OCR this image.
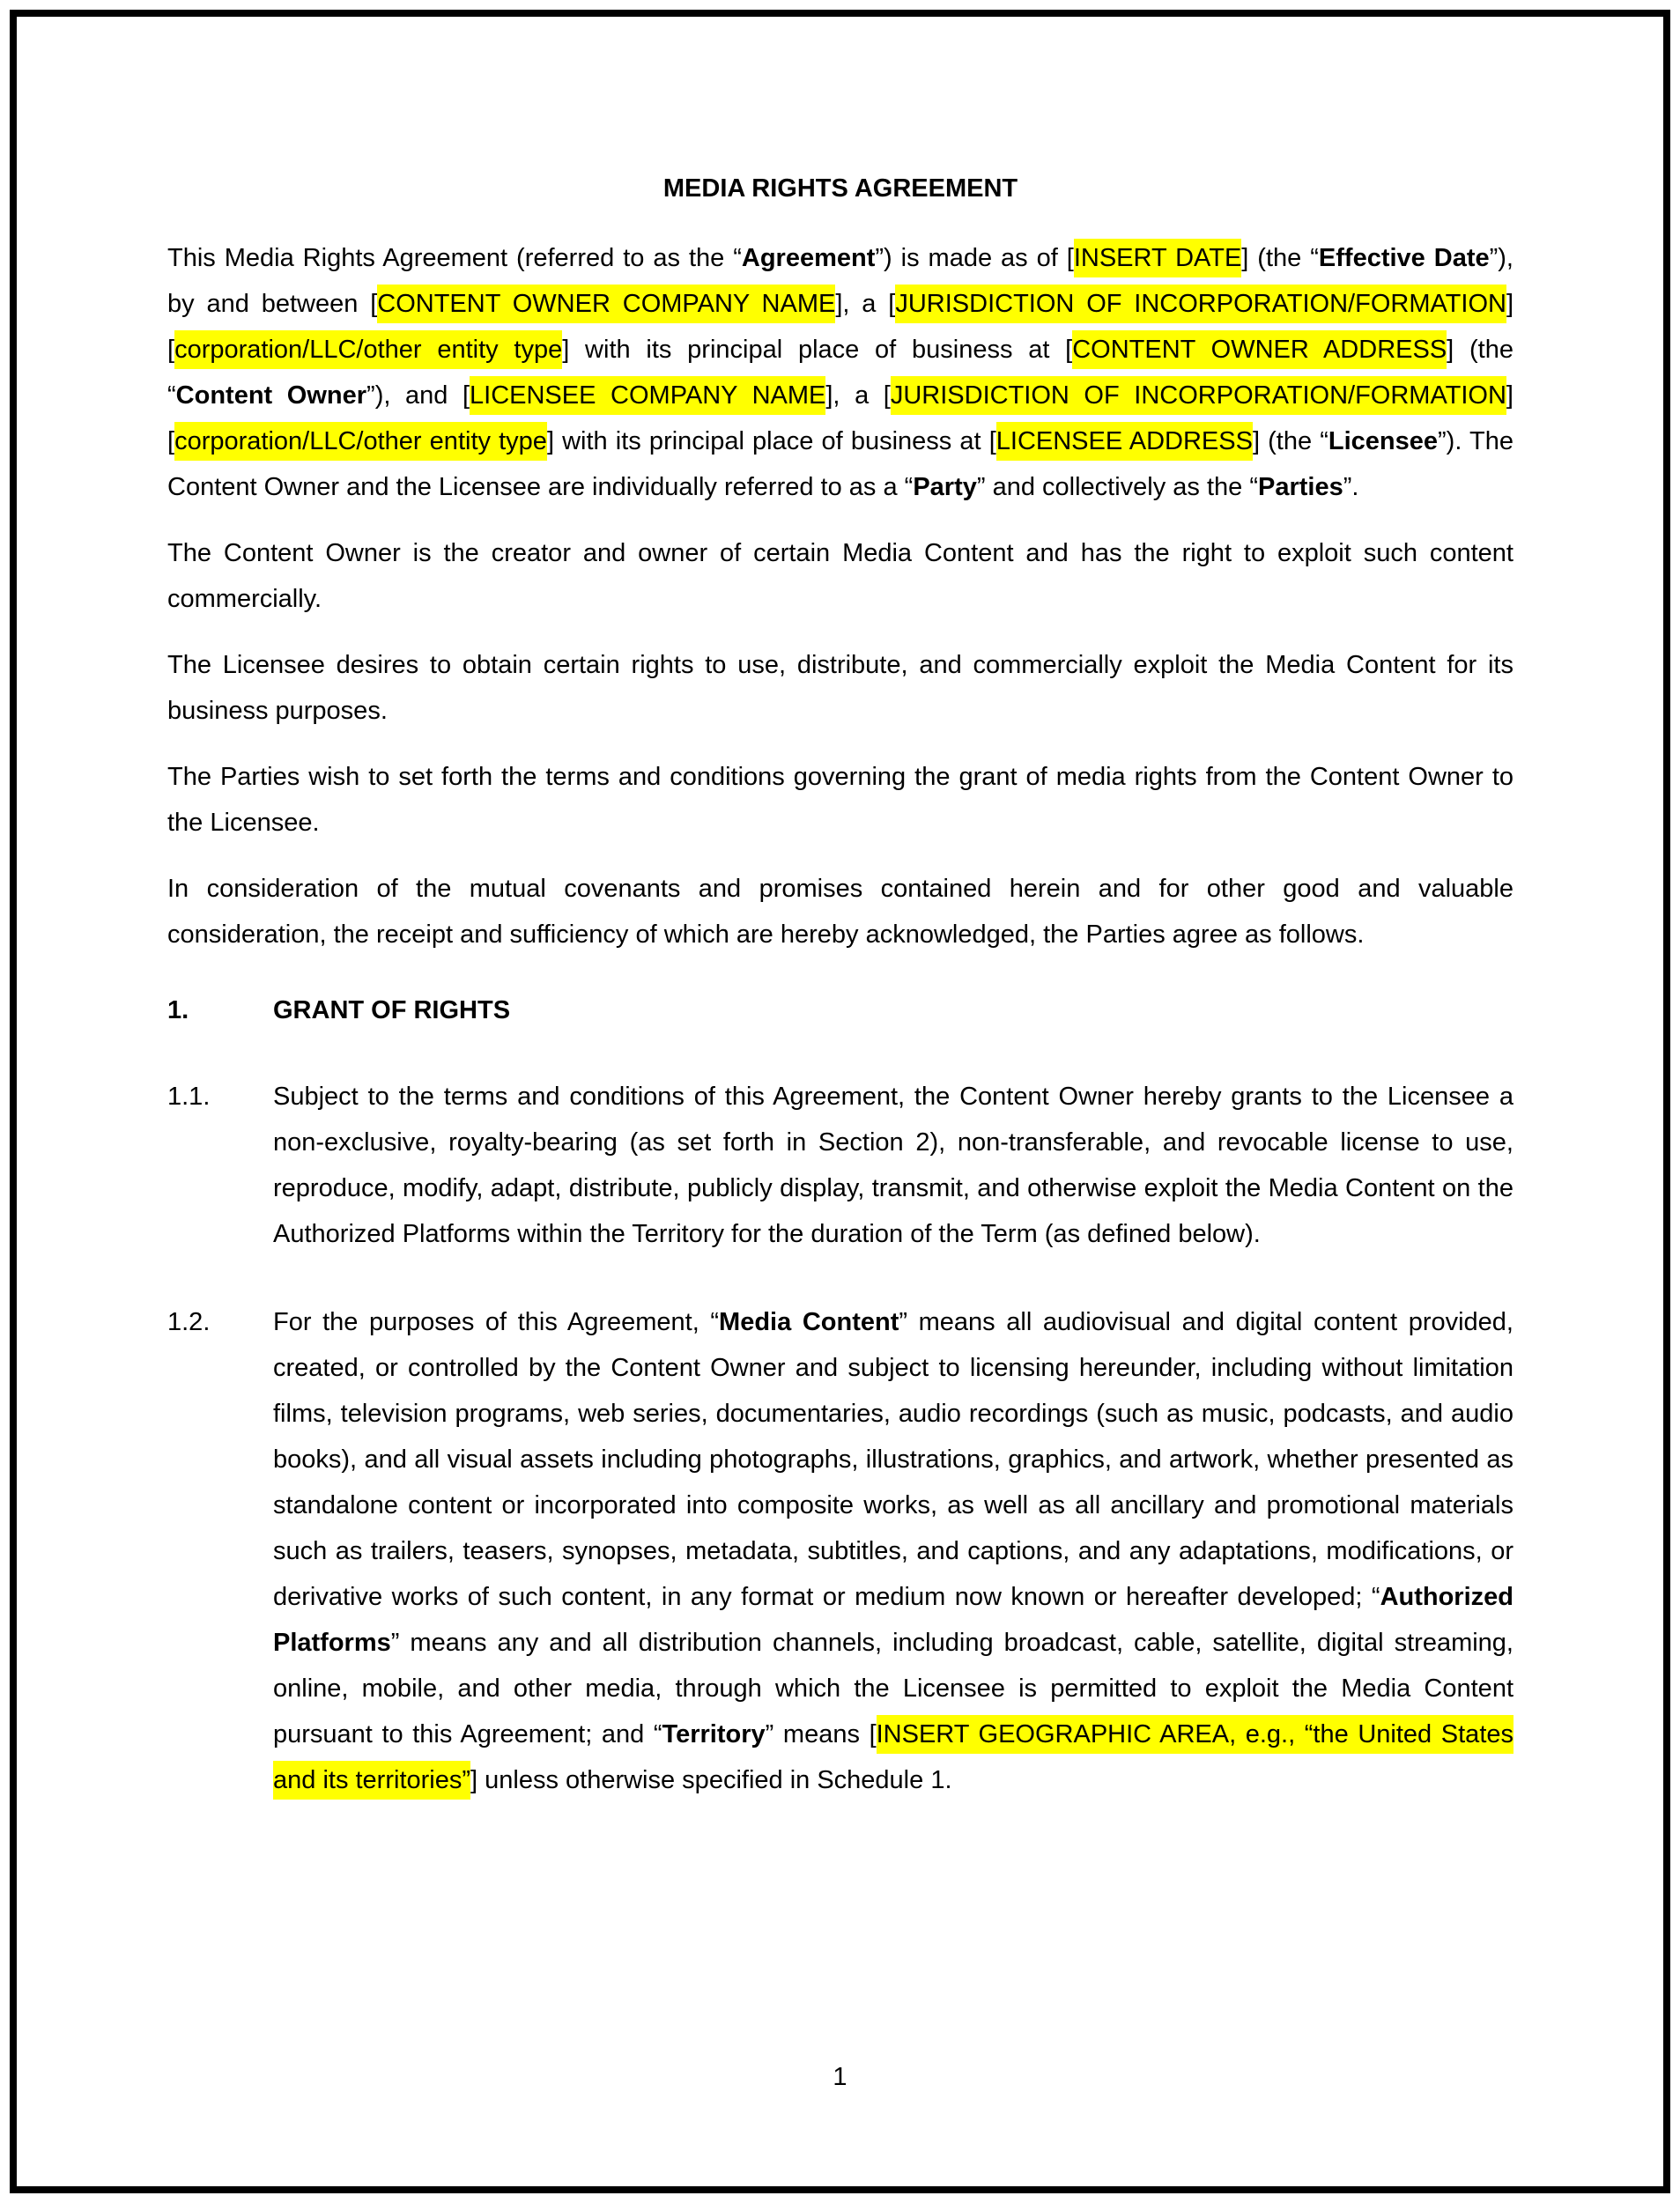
MEDIA RIGHTS AGREEMENT

This Media Rights Agreement (referred to as the “Agreement”) is made as of [INSERT DATE] (the “Effective Date”), by and between [CONTENT OWNER COMPANY NAME], a [JURISDICTION OF INCORPORATION/FORMATION] [corporation/LLC/other entity type] with its principal place of business at [CONTENT OWNER ADDRESS] (the “Content Owner”), and [LICENSEE COMPANY NAME], a [JURISDICTION OF INCORPORATION/FORMATION] [corporation/LLC/other entity type] with its principal place of business at [LICENSEE ADDRESS] (the “Licensee”). The Content Owner and the Licensee are individually referred to as a “Party” and collectively as the “Parties”.

The Content Owner is the creator and owner of certain Media Content and has the right to exploit such content commercially.

The Licensee desires to obtain certain rights to use, distribute, and commercially exploit the Media Content for its business purposes.

The Parties wish to set forth the terms and conditions governing the grant of media rights from the Content Owner to the Licensee.

In consideration of the mutual covenants and promises contained herein and for other good and valuable consideration, the receipt and sufficiency of which are hereby acknowledged, the Parties agree as follows.

1.	GRANT OF RIGHTS
1.1. Subject to the terms and conditions of this Agreement, the Content Owner hereby grants to the Licensee a non-exclusive, royalty-bearing (as set forth in Section 2), non-transferable, and revocable license to use, reproduce, modify, adapt, distribute, publicly display, transmit, and otherwise exploit the Media Content on the Authorized Platforms within the Territory for the duration of the Term (as defined below).
1.2. For the purposes of this Agreement, “Media Content” means all audiovisual and digital content provided, created, or controlled by the Content Owner and subject to licensing hereunder, including without limitation films, television programs, web series, documentaries, audio recordings (such as music, podcasts, and audio books), and all visual assets including photographs, illustrations, graphics, and artwork, whether presented as standalone content or incorporated into composite works, as well as all ancillary and promotional materials such as trailers, teasers, synopses, metadata, subtitles, and captions, and any adaptations, modifications, or derivative works of such content, in any format or medium now known or hereafter developed; “Authorized Platforms” means any and all distribution channels, including broadcast, cable, satellite, digital streaming, online, mobile, and other media, through which the Licensee is permitted to exploit the Media Content pursuant to this Agreement; and “Territory” means [INSERT GEOGRAPHIC AREA, e.g., “the United States and its territories”] unless otherwise specified in Schedule 1.
1
